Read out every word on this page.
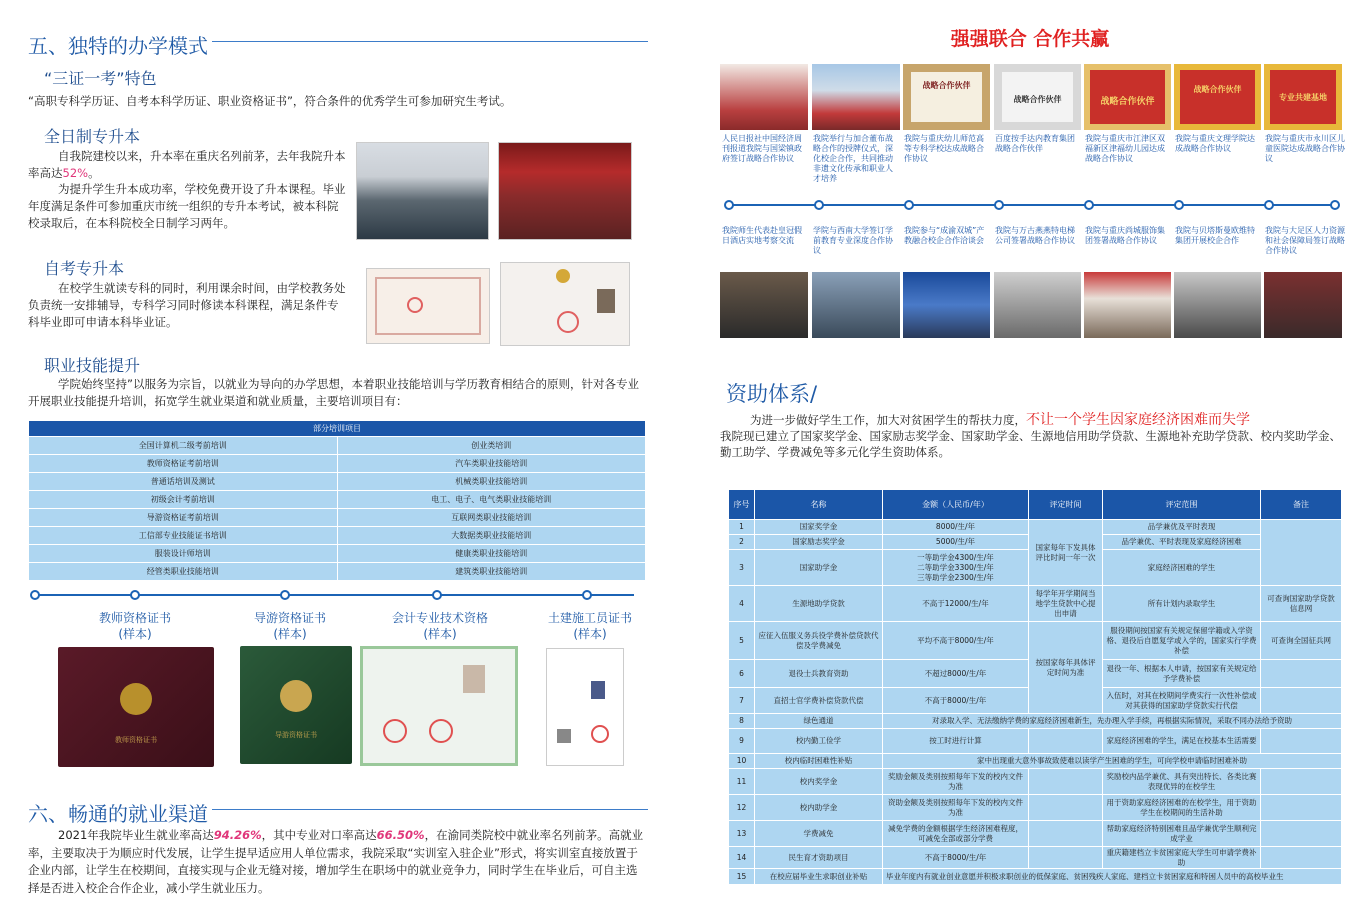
五、独特的办学模式
“三证一考”特色
“高职专科学历证、自考本科学历证、职业资格证书”，符合条件的优秀学生可参加研究生考试。
全日制专升本
自我院建校以来，升本率在重庆名列前茅，去年我院升本率高达52%。
为提升学生升本成功率，学校免费开设了升本课程。毕业年度满足条件可参加重庆市统一组织的专升本考试，被本科院校录取后，在本科院校全日制学习两年。
自考专升本
在校学生就读专科的同时，利用课余时间，由学校教务处负责统一安排辅导，专科学习同时修读本科课程，满足条件专科毕业即可申请本科毕业证。
职业技能提升
学院始终坚持”以服务为宗旨，以就业为导向的办学思想，本着职业技能培训与学历教育相结合的原则，针对各专业开展职业技能提升培训，拓宽学生就业渠道和就业质量，主要培训项目有：
部分培训项目	
全国计算机二级考前培训	创业类培训
教师资格证考前培训	汽车类职业技能培训
普通话培训及测试	机械类职业技能培训
初级会计考前培训	电工、电子、电气类职业技能培训
导游资格证考前培训	互联网类职业技能培训
工信部专业技能证书培训	大数据类职业技能培训
服装设计师培训	健康类职业技能培训
经管类职业技能培训	建筑类职业技能培训
教师资格证书
(样本)
导游资格证书
(样本)
会计专业技术资格
(样本)
土建施工员证书
(样本)
教师资格证书
导游资格证书
六、畅通的就业渠道
2021年我院毕业生就业率高达94.26%，其中专业对口率高达66.50%，在渝同类院校中就业率名列前茅。高就业率，主要取决于为顺应时代发展，让学生提早适应用人单位需求，我院采取“实训室入驻企业”形式，将实训室直接放置于企业内部，让学生在校期间，直接实现与企业无缝对接，增加学生在职场中的就业竞争力，同时学生在毕业后，可自主选择是否进入校企合作企业，减小学生就业压力。
强强联合 合作共赢
战略合作伙伴
战略合作伙伴	战略合作伙伴
战略合作伙伴
专业共建基地
人民日报社中国经济周刊报道我院与国梁镇政府签订战略合作协议
我院举行与加合董布战略合作的授牌仪式，深化校企合作，共同推动非遗文化传承和职业人才培养
我院与重庆幼儿师范高等专科学校达成战略合作协议
百度按手达内教育集团战略合作伙伴
我院与重庆市江津区双福新区津福幼儿园达成战略合作协议
我院与重庆文理学院达成战略合作协议
我院与重庆市永川区儿童医院达成战略合作协议
我院师生代表赴皇冠假日酒店实地考察交流
学院与西南大学签订学前教育专业深度合作协议
我院参与“成渝双城”产教融合校企合作洽谈会
我院与万古燕燕特电梯公司签署战略合作协议
我院与重庆尚城服饰集团签署战略合作协议
我院与贝塔斯曼欧维特集团开展校企合作
我院与大足区人力资源和社会保障局签订战略合作协议
资助体系/
为进一步做好学生工作，加大对贫困学生的帮扶力度，不让一个学生因家庭经济困难而失学
我院现已建立了国家奖学金、国家励志奖学金、国家助学金、生源地信用助学贷款、生源地补充助学贷款、校内奖助学金、勤工助学、学费减免等多元化学生资助体系。
序号	名称	金额（人民币/年）	评定时间	评定范围	备注
1	国家奖学金	8000/生/年	国家每年下发具体评比时间一年一次	品学兼优及平时表现	
2	国家励志奖学金	5000/生/年		品学兼优、平时表现及家庭经济困难	
3	国家助学金	一等助学金4300/生/年
二等助学金3300/生/年
三等助学金2300/生/年		家庭经济困难的学生	
4	生源地助学贷款	不高于12000/生/年	每学年开学期间当地学生贷款中心提出申请	所有计划内录取学生	可查询国家助学贷款信息网
5	应征入伍服义务兵役学费补偿贷款代偿及学费减免	平均不高于8000/生/年	按国家每年具体评定时间为准	服役期间按国家有关规定保留学籍或入学资格、退役后自愿复学或入学的，国家实行学费补偿	可查询全国征兵网
6	退役士兵教育资助	不超过8000/生/年		退役一年、根据本人申请，按国家有关规定给予学费补偿	
7	直招士官学费补偿贷款代偿	不高于8000/生/年		入伍时，对其在校期间学费实行一次性补偿或对其获得的国家助学贷款实行代偿	
8	绿色通道	对录取入学、无法缴纳学费的家庭经济困难新生，先办理入学手续，再根据实际情况，采取不同办法给予资助			
9	校内勤工俭学	按工时进行计算		家庭经济困难的学生，满足在校基本生活需要	
10	校内临时困难性补贴	家中出现重大意外事故致使难以读学产生困难的学生，可向学校申请临时困难补助			
11	校内奖学金	奖励金额及类别按照每年下发的校内文件为准		奖励校内品学兼优、具有突出特长、各类比赛表现优异的在校学生	
12	校内助学金	资助金额及类别按照每年下发的校内文件为准		用于资助家庭经济困难的在校学生，用于资助学生在校期间的生活补助	
13	学费减免	减免学费的金额根据学生经济困难程度，可减免全部或部分学费		帮助家庭经济特别困难且品学兼优学生顺利完成学业	
14	民生育才资助项目	不高于8000/生/年		重庆籍建档立卡贫困家庭大学生可申请学费补助	
15	在校应届毕业生求职创业补贴	毕业年度内有就业创业意愿并积极求职创业的低保家庭、贫困残疾人家庭、建档立卡贫困家庭和特困人员中的高校毕业生			
